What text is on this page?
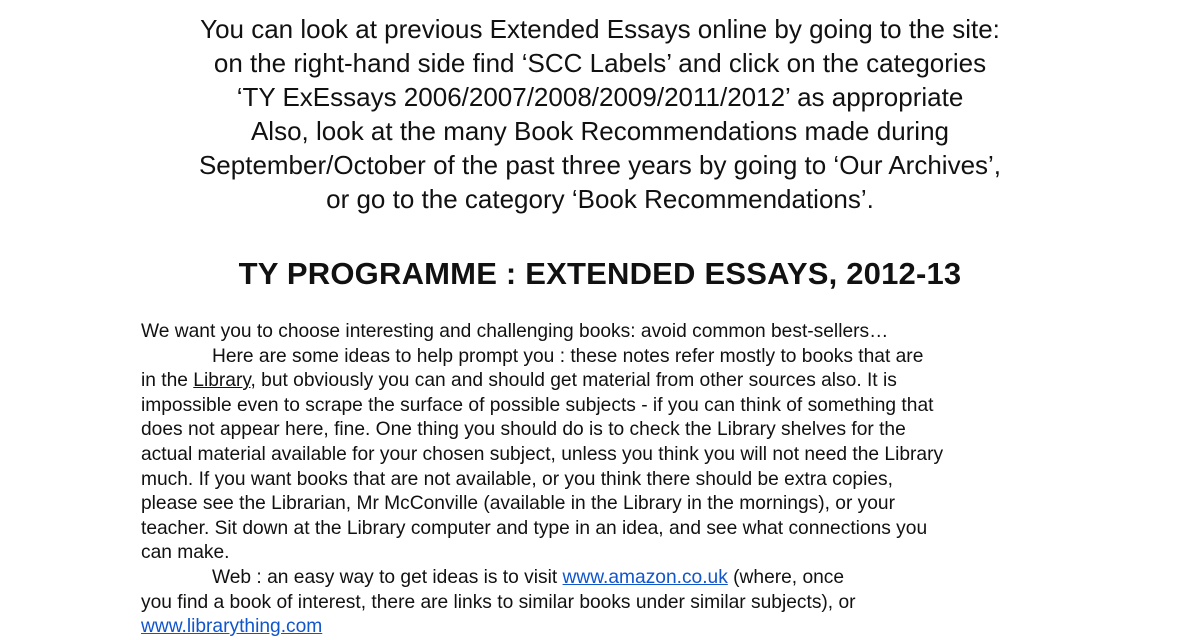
You can look at previous Extended Essays online by going to the site:
on the right-hand side find ‘SCC Labels’ and click on the categories
‘TY ExEssays 2006/2007/2008/2009/2011/2012’ as appropriate
Also, look at the many Book Recommendations made during
September/October of the past three years by going to ‘Our Archives’,
or go to the category ‘Book Recommendations’.
TY PROGRAMME : EXTENDED ESSAYS, 2012-13
We want you to choose interesting and challenging books: avoid common best-sellers…
Here are some ideas to help prompt you : these notes refer mostly to books that are
in the Library, but obviously you can and should get material from other sources also. It is
impossible even to scrape the surface of possible subjects - if you can think of something that
does not appear here, fine. One thing you should do is to check the Library shelves for the
actual material available for your chosen subject, unless you think you will not need the Library
much. If you want books that are not available, or you think there should be extra copies,
please see the Librarian, Mr McConville (available in the Library in the mornings), or your
teacher. Sit down at the Library computer and type in an idea, and see what connections you
can make.
Web : an easy way to get ideas is to visit www.amazon.co.uk (where, once
you find a book of interest, there are links to similar books under similar subjects), or
www.librarything.com
